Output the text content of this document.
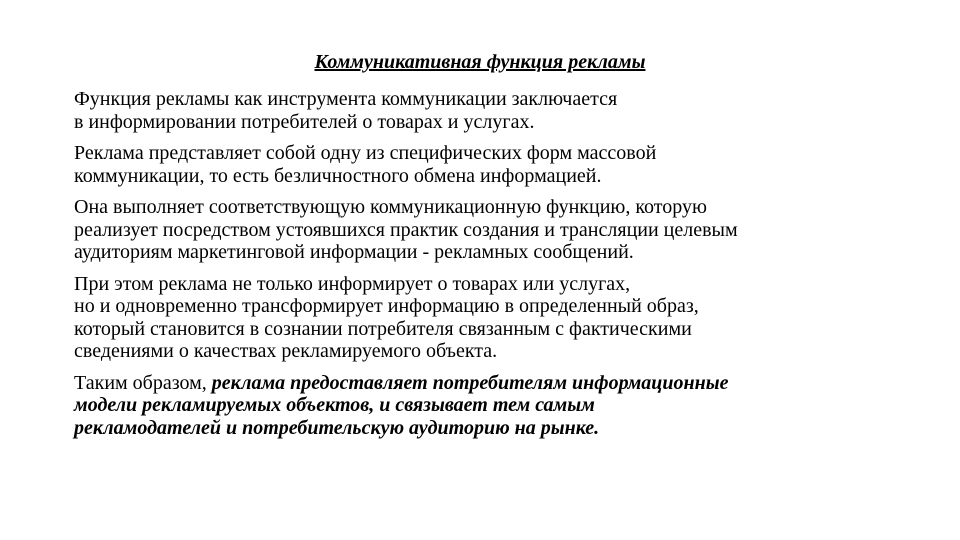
Коммуникативная функция рекламы

Функция рекламы как инструмента коммуникации заключается
в информировании потребителей о товарах и услугах.

Реклама представляет собой одну из специфических форм массовой
коммуникации, то есть безличностного обмена информацией.

Она выполняет соответствующую коммуникационную функцию, которую
реализует посредством устоявшихся практик создания и трансляции целевым
аудиториям маркетинговой информации - рекламных сообщений.

При этом реклама не только информирует о товарах или услугах,
но и одновременно трансформирует информацию в определенный образ,
который становится в сознании потребителя связанным с фактическими
сведениями о качествах рекламируемого объекта.

Таким образом, реклама предоставляет потребителям информационные
модели рекламируемых объектов, и связывает тем самым
рекламодателей и потребительскую аудиторию на рынке.
